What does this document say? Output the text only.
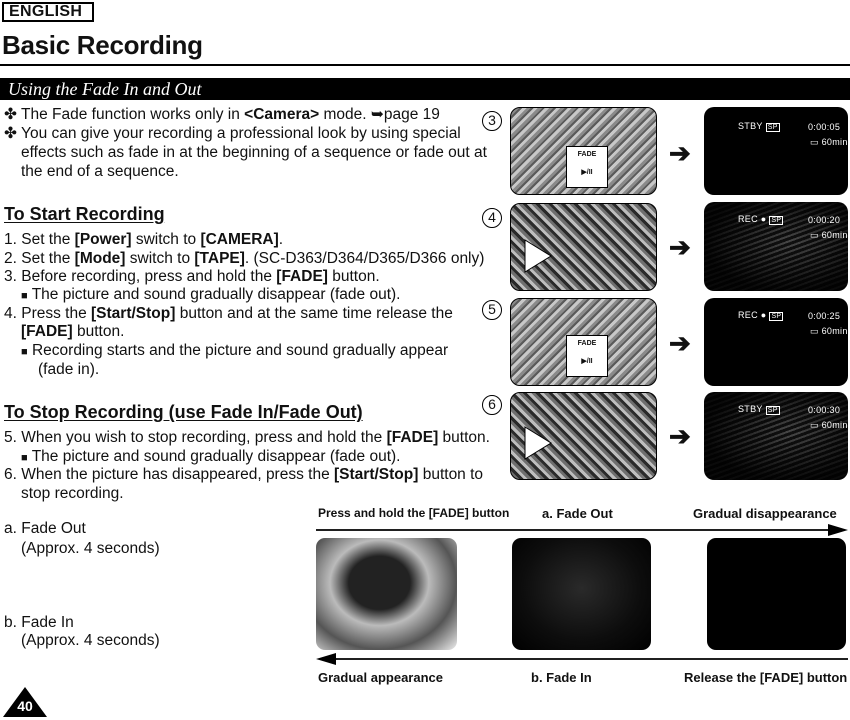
ENGLISH
Basic Recording
Using the Fade In and Out
✤ The Fade function works only in <Camera> mode. ➥page 19
✤ You can give your recording a professional look by using special
effects such as fade in at the beginning of a sequence or fade out at
the end of a sequence.
To Start Recording
1. Set the [Power] switch to [CAMERA].
2. Set the [Mode] switch to [TAPE]. (SC-D363/D364/D365/D366 only)
3. Before recording, press and hold the [FADE] button.
■ The picture and sound gradually disappear (fade out).
4. Press the [Start/Stop] button and at the same time release the
[FADE] button.
■ Recording starts and the picture and sound gradually appear
(fade in).
To Stop Recording (use Fade In/Fade Out)
5. When you wish to stop recording, press and hold the [FADE] button.
■ The picture and sound gradually disappear (fade out).
6. When the picture has disappeared, press the [Start/Stop] button to
stop recording.
a. Fade Out
(Approx. 4 seconds)
b. Fade In
(Approx. 4 seconds)
3
4
5
6
FADE
▶/II
FADE
▶/II
➔
➔
➔
➔
STBY SP	0:00:05
▭ 60min
REC ● SP	0:00:20
▭ 60min
REC ● SP	0:00:25
▭ 60min
STBY SP	0:00:30
▭ 60min
Press and hold the [FADE] button	a. Fade Out	Gradual disappearance
Gradual appearance	b. Fade In	Release the [FADE] button
40
